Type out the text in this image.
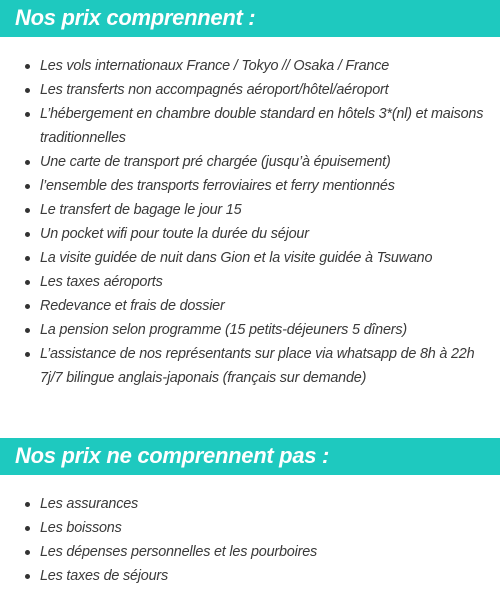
Nos prix comprennent :
Les vols internationaux France / Tokyo // Osaka / France
Les transferts non accompagnés aéroport/hôtel/aéroport
L’hébergement en chambre double standard en hôtels 3*(nl) et maisons traditionnelles
Une carte de transport pré chargée (jusqu’à épuisement)
l’ensemble des transports ferroviaires et ferry mentionnés
Le transfert de bagage le jour 15
Un pocket wifi pour toute la durée du séjour
La visite guidée de nuit dans Gion et la visite guidée à Tsuwano
Les taxes aéroports
Redevance et frais de dossier
La pension selon programme (15 petits-déjeuners 5 dîners)
L’assistance de nos représentants sur place via whatsapp de 8h à 22h 7j/7 bilingue anglais-japonais (français sur demande)
Nos prix ne comprennent pas :
Les assurances
Les boissons
Les dépenses personnelles et les pourboires
Les taxes de séjours
